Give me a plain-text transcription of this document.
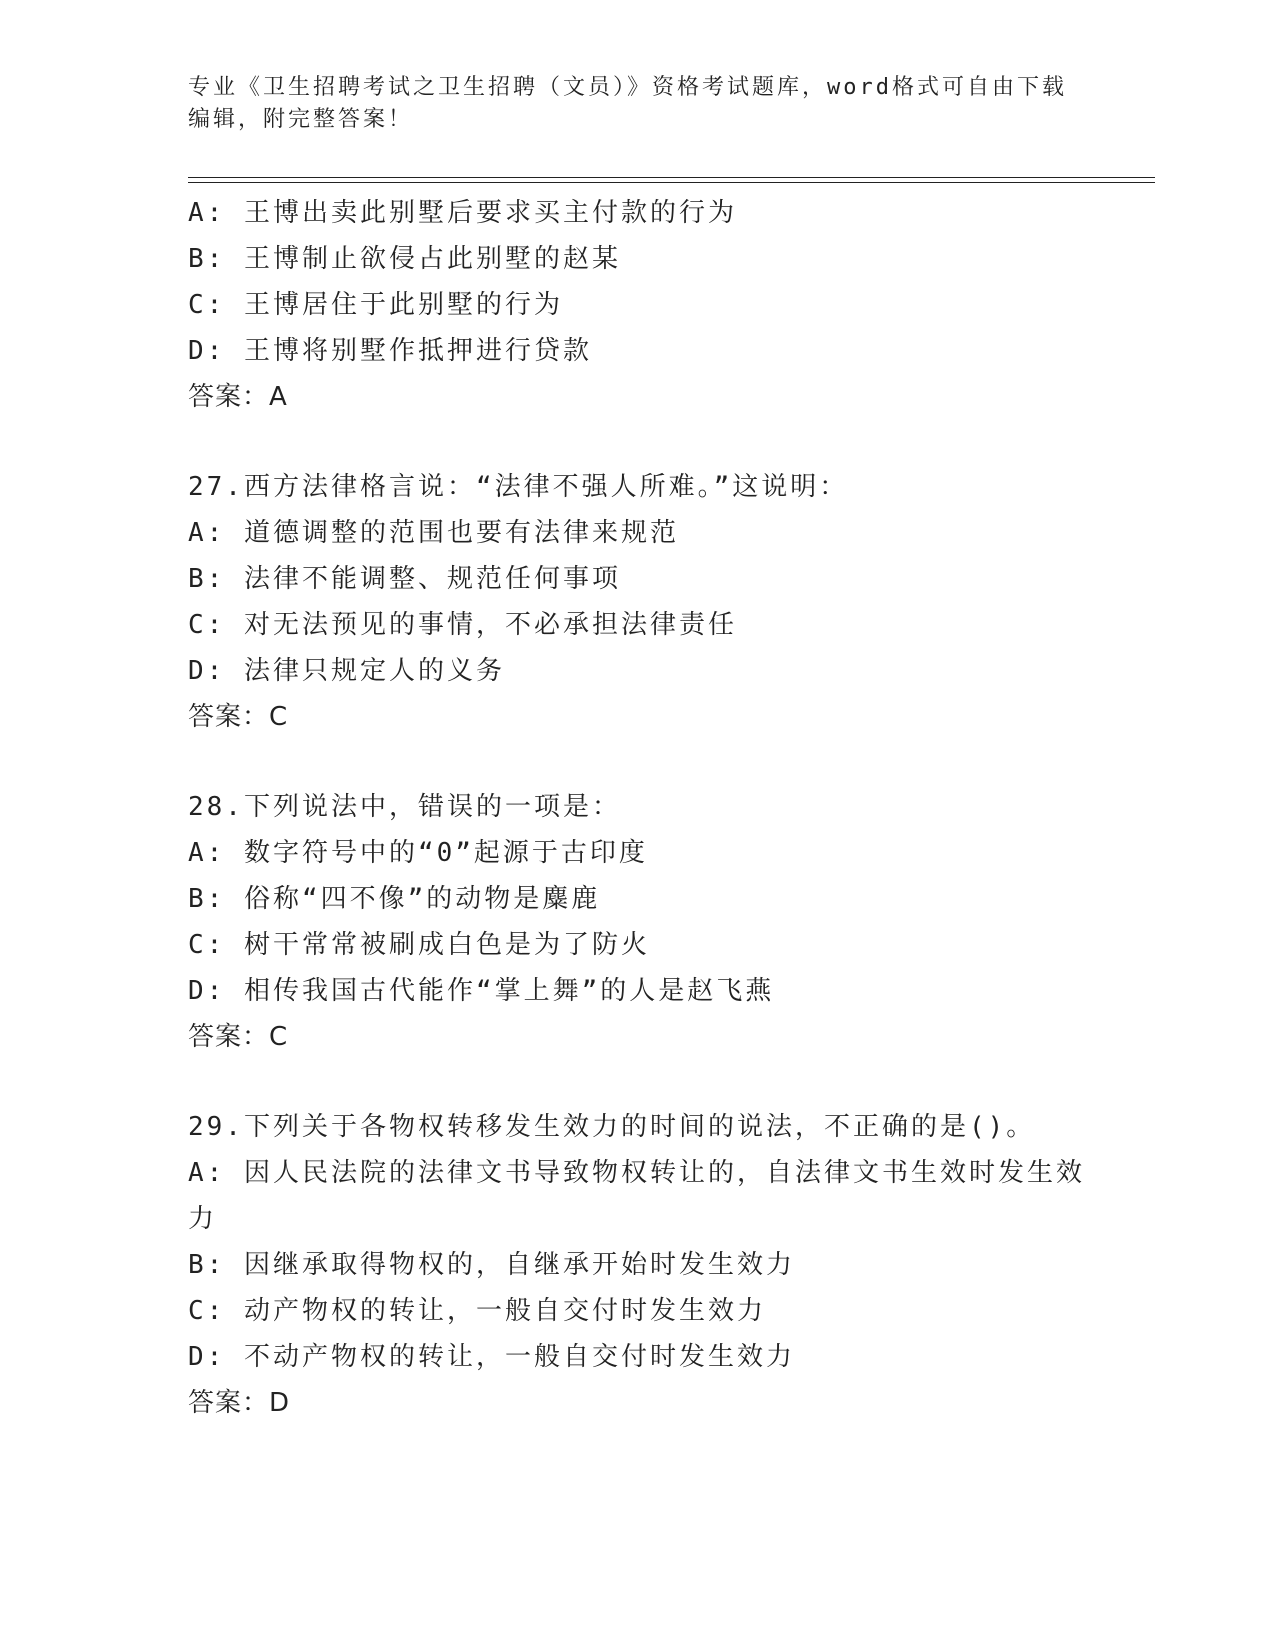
专业《卫生招聘考试之卫生招聘（文员）》资格考试题库，word格式可自由下载编辑，附完整答案！
A: 王博出卖此别墅后要求买主付款的行为
B: 王博制止欲侵占此别墅的赵某
C: 王博居住于此别墅的行为
D: 王博将别墅作抵押进行贷款
答案：A
27.西方法律格言说：“法律不强人所难。”这说明：
A: 道德调整的范围也要有法律来规范
B: 法律不能调整、规范任何事项
C: 对无法预见的事情，不必承担法律责任
D: 法律只规定人的义务
答案：C
28.下列说法中，错误的一项是：
A: 数字符号中的“0”起源于古印度
B: 俗称“四不像”的动物是麋鹿
C: 树干常常被刷成白色是为了防火
D: 相传我国古代能作“掌上舞”的人是赵飞燕
答案：C
29.下列关于各物权转移发生效力的时间的说法，不正确的是()。
A: 因人民法院的法律文书导致物权转让的，自法律文书生效时发生效力
B: 因继承取得物权的，自继承开始时发生效力
C: 动产物权的转让，一般自交付时发生效力
D: 不动产物权的转让，一般自交付时发生效力
答案：D
